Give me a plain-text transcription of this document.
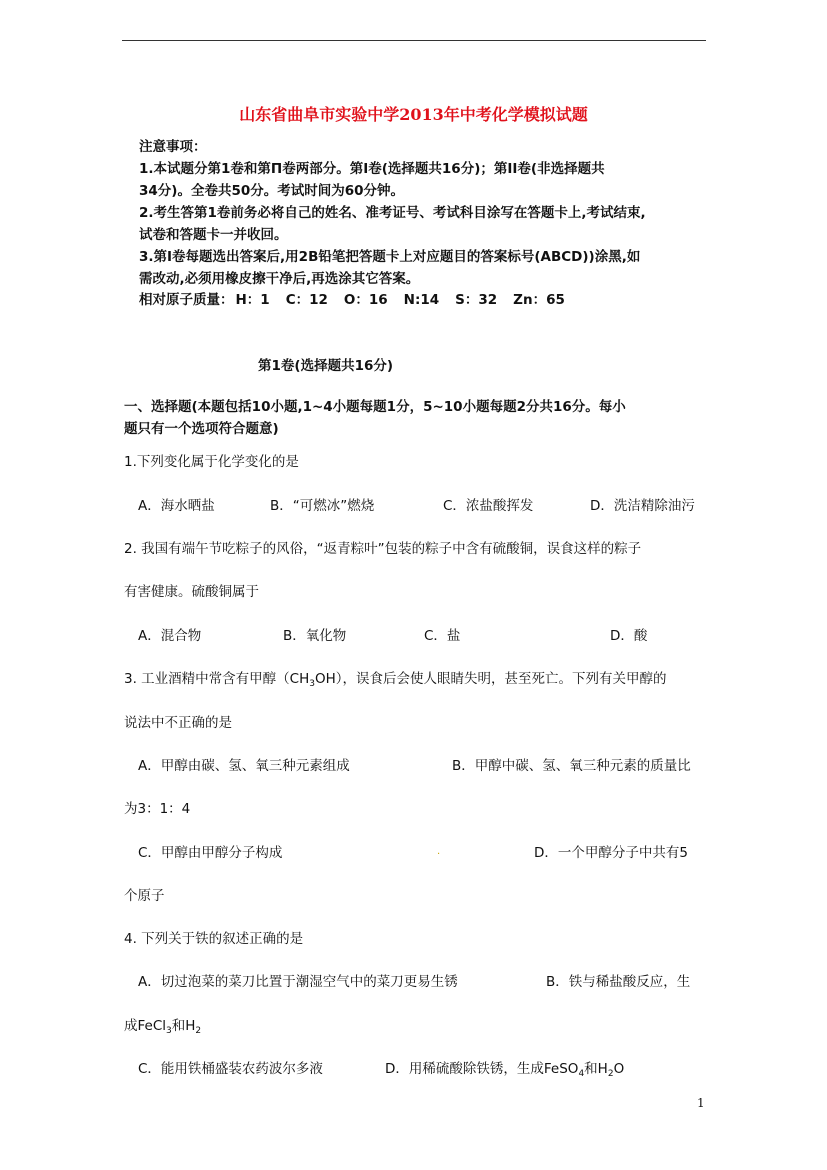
山东省曲阜市实验中学2013年中考化学模拟试题
注意事项：
1.本试题分第1卷和第Π卷两部分。第Ⅰ卷(选择题共16分)；第ⅠⅠ卷(非选择题共
34分)。全卷共50分。考试时间为60分钟。
2.考生答第1卷前务必将自己的姓名、准考证号、考试科目涂写在答题卡上,考试结束,
试卷和答题卡一并收回。
3.第Ⅰ卷每题选出答案后,用2B铅笔把答题卡上对应题目的答案标号(ABCD))涂黑,如
需改动,必须用橡皮擦干净后,再选涂其它答案。
相对原子质量： H：1 C：12 O：16 N:14 S：32 Zn：65
第1卷(选择题共16分)
一、选择题(本题包括10小题,1~4小题每题1分，5~10小题每题2分共16分。每小
题只有一个选项符合题意)
1.下列变化属于化学变化的是
A．海水晒盐	B．“可燃冰”燃烧	C．浓盐酸挥发	D．洗洁精除油污
2. 我国有端午节吃粽子的风俗，“返青粽叶”包装的粽子中含有硫酸铜，误食这样的粽子
有害健康。硫酸铜属于
A．混合物	B．氧化物	C．盐	D．酸
3. 工业酒精中常含有甲醇$(CH_3OH)$，误食后会使人眼睛失明，甚至死亡。下列有关甲醇的
说法中不正确的是
A．甲醇由碳、氢、氧三种元素组成	B．甲醇中碳、氢、氧三种元素的质量比
为3：1：4
C．甲醇由甲醇分子构成	.	D．一个甲醇分子中共有5
个原子
4. 下列关于铁的叙述正确的是
A．切过泡菜的菜刀比置于潮湿空气中的菜刀更易生锈	B．铁与稀盐酸反应，生
成FeCl$_3$和$H_2$
C．能用铁桶盛装农药波尔多液	D．用稀硫酸除铁锈，生成FeSO$_4$和$H_2O$
1
